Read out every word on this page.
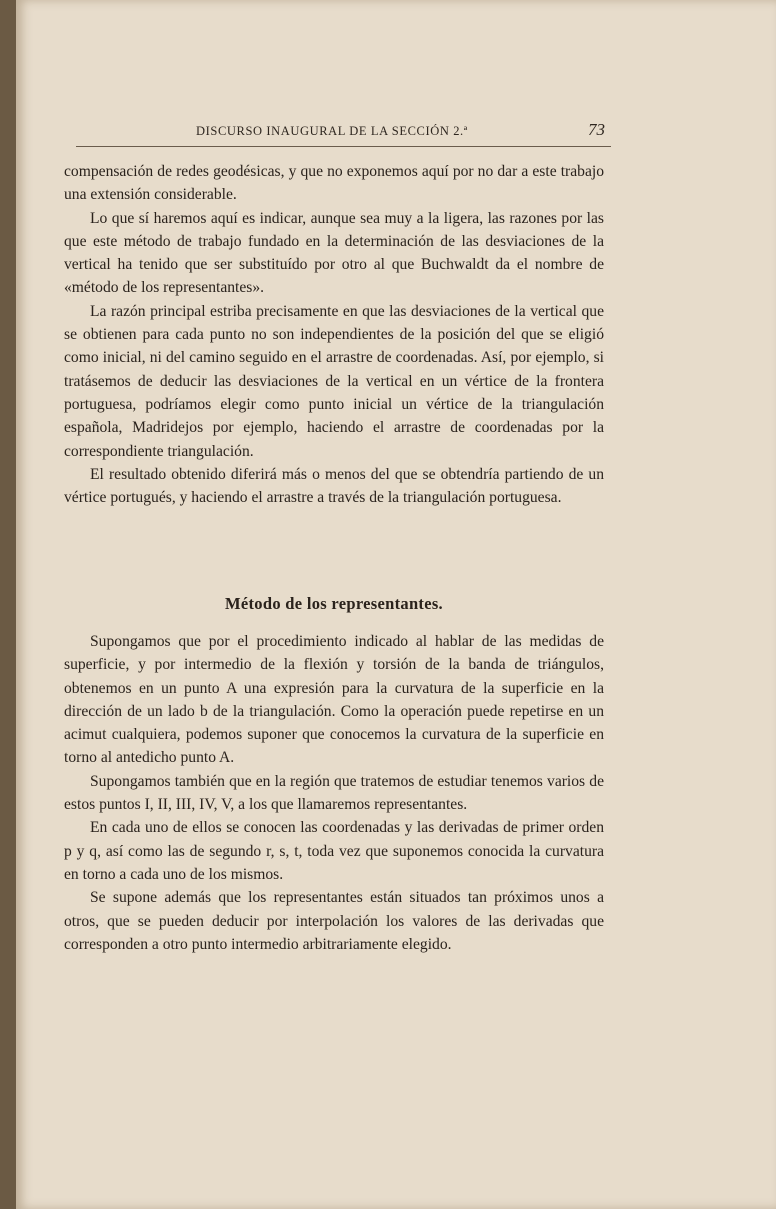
DISCURSO INAUGURAL DE LA SECCIÓN 2.ª	73

compensación de redes geodésicas, y que no exponemos aquí por no dar a este trabajo una extensión considerable.

Lo que sí haremos aquí es indicar, aunque sea muy a la ligera, las razones por las que este método de trabajo fundado en la determinación de las desviaciones de la vertical ha tenido que ser substituído por otro al que Buchwaldt da el nombre de «método de los representantes».

La razón principal estriba precisamente en que las desviaciones de la vertical que se obtienen para cada punto no son independientes de la posición del que se eligió como inicial, ni del camino seguido en el arrastre de coordenadas. Así, por ejemplo, si tratásemos de deducir las desviaciones de la vertical en un vértice de la frontera portuguesa, podríamos elegir como punto inicial un vértice de la triangulación española, Madridejos por ejemplo, haciendo el arrastre de coordenadas por la correspondiente triangulación.

El resultado obtenido diferirá más o menos del que se obtendría partiendo de un vértice portugués, y haciendo el arrastre a través de la triangulación portuguesa.

Método de los representantes.

Supongamos que por el procedimiento indicado al hablar de las medidas de superficie, y por intermedio de la flexión y torsión de la banda de triángulos, obtenemos en un punto A una expresión para la curvatura de la superficie en la dirección de un lado b de la triangulación. Como la operación puede repetirse en un acimut cualquiera, podemos suponer que conocemos la curvatura de la superficie en torno al antedicho punto A.

Supongamos también que en la región que tratemos de estudiar tenemos varios de estos puntos I, II, III, IV, V, a los que llamaremos representantes.

En cada uno de ellos se conocen las coordenadas y las derivadas de primer orden p y q, así como las de segundo r, s, t, toda vez que suponemos conocida la curvatura en torno a cada uno de los mismos.

Se supone además que los representantes están situados tan próximos unos a otros, que se pueden deducir por interpolación los valores de las derivadas que corresponden a otro punto intermedio arbitrariamente elegido.
